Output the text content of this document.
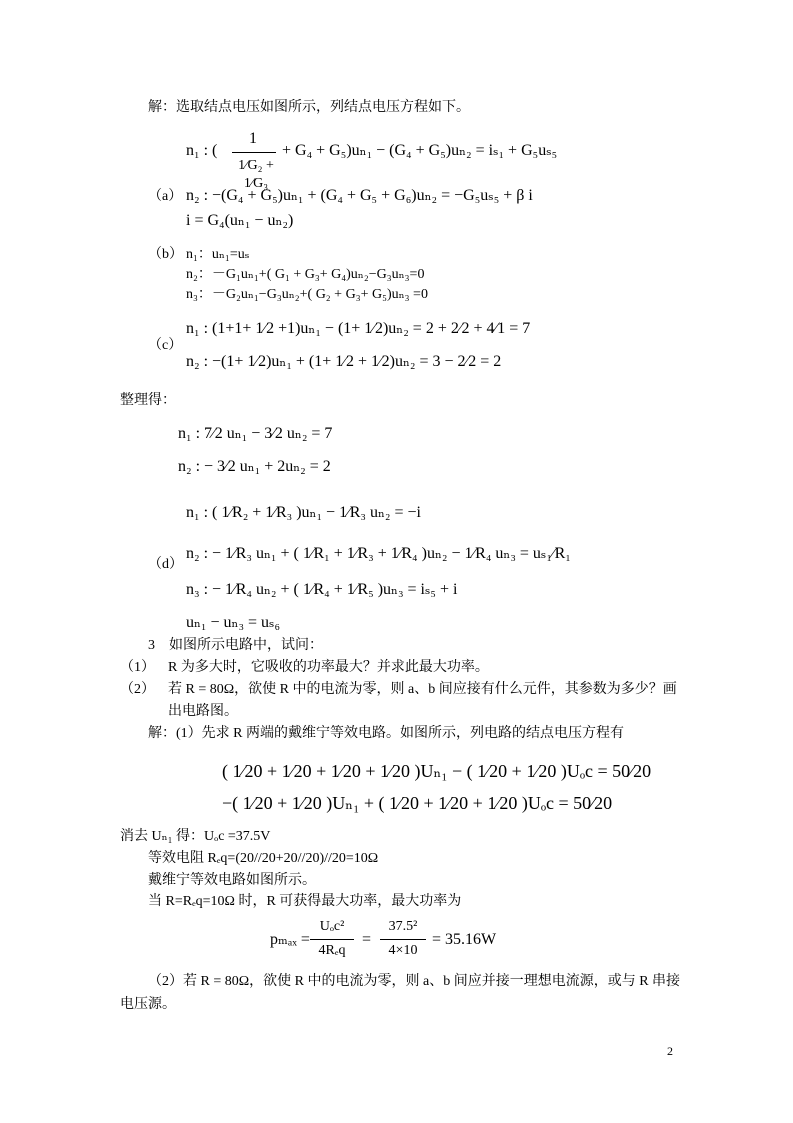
解：选取结点电压如图所示，列结点电压方程如下。
n₁ : (
1
1⁄G₂ + 1⁄G₃
+ G₄ + G₅)uₙ₁ − (G₄ + G₅)uₙ₂ = iₛ₁ + G₅uₛ₅
（a） n₂ : −(G₄ + G₅)uₙ₁ + (G₄ + G₅ + G₆)uₙ₂ = −G₅uₛ₅ + β i
i = G₄(uₙ₁ − uₙ₂)
（b） n₁：uₙ₁=uₛ
n₂：－G₁uₙ₁+( G₁ + G₃+ G₄)uₙ₂−G₃uₙ₃=0
n₃：－G₂uₙ₁−G₃uₙ₂+( G₂ + G₃+ G₅)uₙ₃ =0
n₁ : (1+1+ 1⁄2 +1)uₙ₁ − (1+ 1⁄2)uₙ₂ = 2 + 2⁄2 + 4⁄1 = 7
（c）
n₂ : −(1+ 1⁄2)uₙ₁ + (1+ 1⁄2 + 1⁄2)uₙ₂ = 3 − 2⁄2 = 2
整理得：
n₁ : 7⁄2 uₙ₁ − 3⁄2 uₙ₂ = 7
n₂ : − 3⁄2 uₙ₁ + 2uₙ₂ = 2
n₁ : ( 1⁄R₂ + 1⁄R₃ )uₙ₁ − 1⁄R₃ uₙ₂ = −i
n₂ : − 1⁄R₃ uₙ₁ + ( 1⁄R₁ + 1⁄R₃ + 1⁄R₄ )uₙ₂ − 1⁄R₄ uₙ₃ = uₛ₁⁄R₁
（d）
n₃ : − 1⁄R₄ uₙ₂ + ( 1⁄R₄ + 1⁄R₅ )uₙ₃ = iₛ₅ + i
uₙ₁ − uₙ₃ = uₛ₆
3　如图所示电路中，试问：
（1） R 为多大时，它吸收的功率最大？并求此最大功率。
（2） 若 R = 80Ω，欲使 R 中的电流为零，则 a、b 间应接有什么元件，其参数为多少？画
出电路图。
解：(1）先求 R 两端的戴维宁等效电路。如图所示，列电路的结点电压方程有
( 1⁄20 + 1⁄20 + 1⁄20 + 1⁄20 )Uₙ₁ − ( 1⁄20 + 1⁄20 )Uₒc = 50⁄20
−( 1⁄20 + 1⁄20 )Uₙ₁ + ( 1⁄20 + 1⁄20 + 1⁄20 )Uₒc = 50⁄20
消去 Uₙ₁ 得：Uₒc =37.5V
等效电阻 Rₑq=(20//20+20//20)//20=10Ω
戴维宁等效电路如图所示。
当 R=Rₑq=10Ω 时，R 可获得最大功率，最大功率为
pₘₐₓ =
Uₒc²
4Rₑq
=
37.5²
4×10
= 35.16W
（2）若 R = 80Ω，欲使 R 中的电流为零，则 a、b 间应并接一理想电流源，或与 R 串接
电压源。
2
